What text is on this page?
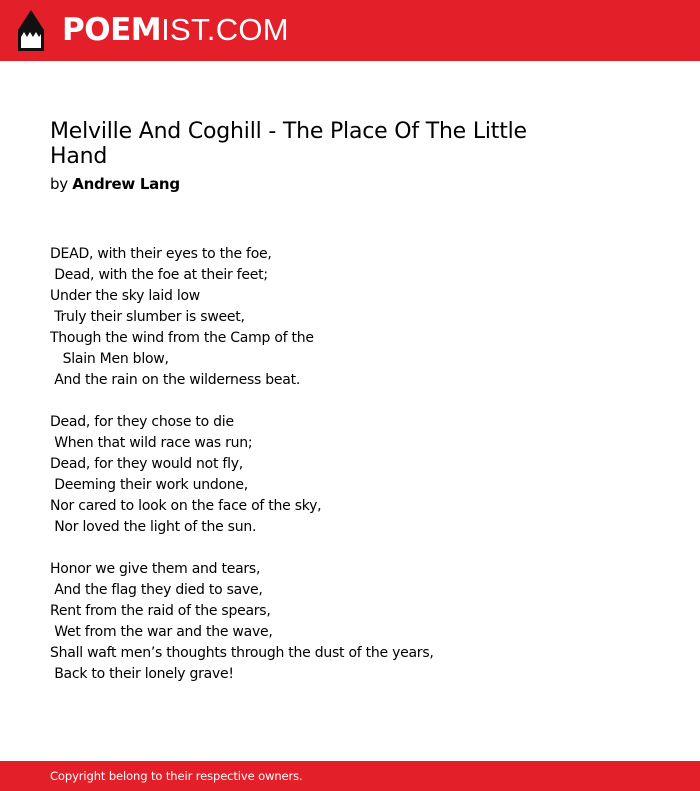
POEMIST.COM
Melville And Coghill - The Place Of The Little Hand
by Andrew Lang
DEAD, with their eyes to the foe,
Dead, with the foe at their feet;
Under the sky laid low
Truly their slumber is sweet,
Though the wind from the Camp of the
Slain Men blow,
And the rain on the wilderness beat.
Dead, for they chose to die
When that wild race was run;
Dead, for they would not fly,
Deeming their work undone,
Nor cared to look on the face of the sky,
Nor loved the light of the sun.
Honor we give them and tears,
And the flag they died to save,
Rent from the raid of the spears,
Wet from the war and the wave,
Shall waft men’s thoughts through the dust of the years,
Back to their lonely grave!
Copyright belong to their respective owners.
